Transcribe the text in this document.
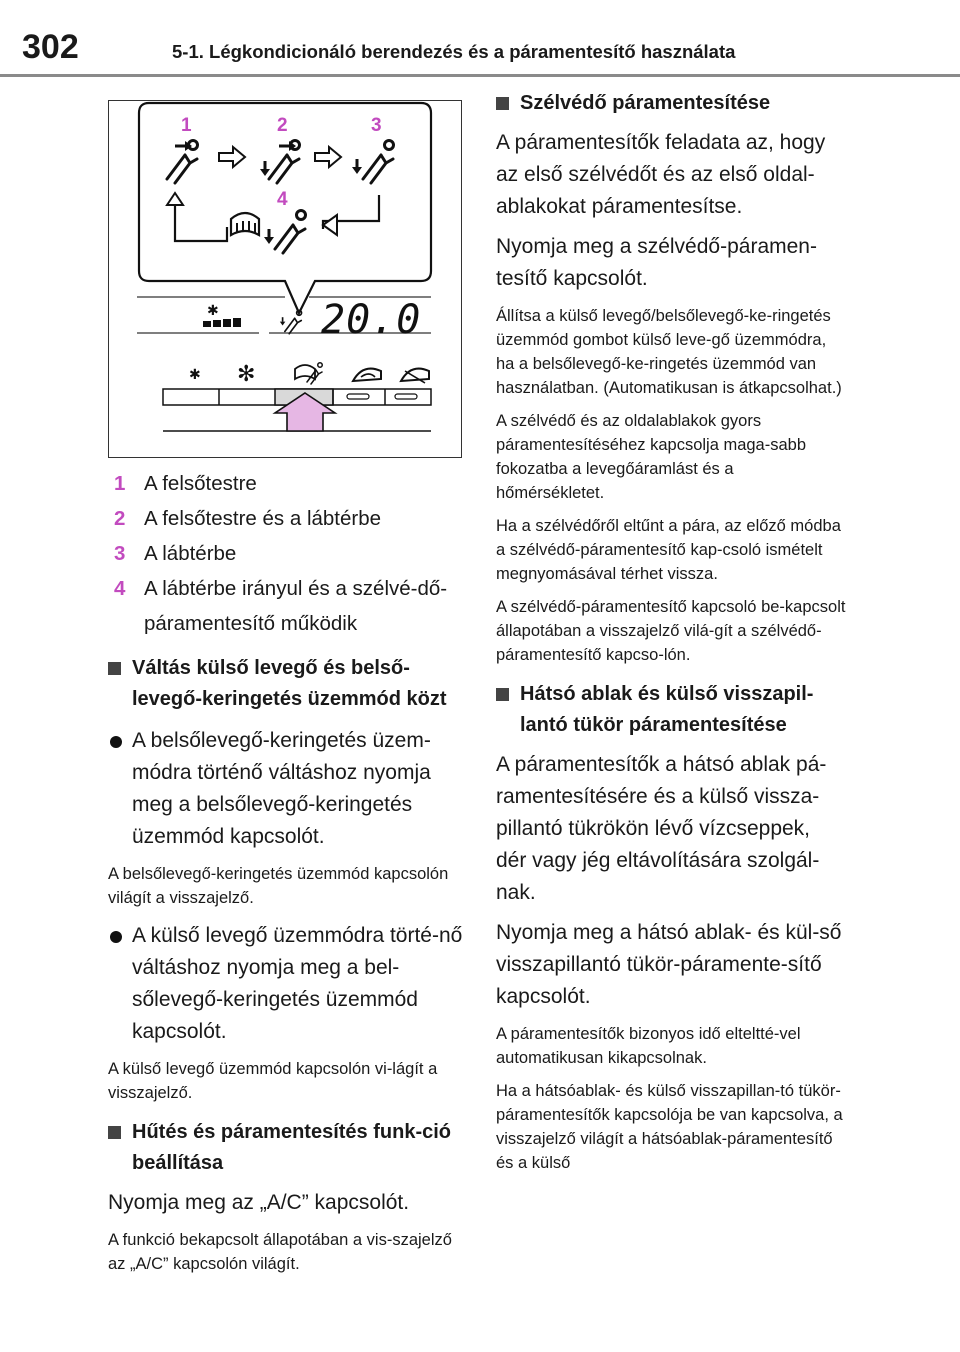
302	5-1. Légkondicionáló berendezés és a páramentesítő használata
1	2	3
4
✱	20.0
✱ ✻
1 A felsőtestre
2 A felsőtestre és a lábtérbe
3 A lábtérbe
4 A lábtérbe irányul és a szélvé-dő-páramentesítő működik
Váltás külső levegő és belső-levegő-keringetés üzemmód közt
A belsőlevegő-keringetés üzem-módra történő váltáshoz nyomja meg a belsőlevegő-keringetés üzemmód kapcsolót.
A belsőlevegő-keringetés üzemmód kapcsolón világít a visszajelző.
A külső levegő üzemmódra törté-nő váltáshoz nyomja meg a bel-sőlevegő-keringetés üzemmód kapcsolót.
A külső levegő üzemmód kapcsolón vi-lágít a visszajelző.
Hűtés és páramentesítés funk-ció beállítása
Nyomja meg az „A/C” kapcsolót.
A funkció bekapcsolt állapotában a vis-szajelző az „A/C” kapcsolón világít.
Szélvédő páramentesítése
A páramentesítők feladata az, hogy az első szélvédőt és az első oldal-ablakokat páramentesítse.
Nyomja meg a szélvédő-páramen-tesítő kapcsolót.
Állítsa a külső levegő/belsőlevegő-ke-ringetés üzemmód gombot külső leve-gő üzemmódra, ha a belsőlevegő-ke-ringetés üzemmód van használatban. (Automatikusan is átkapcsolhat.)
A szélvédő és az oldalablakok gyors páramentesítéséhez kapcsolja maga-sabb fokozatba a levegőáramlást és a hőmérsékletet.
Ha a szélvédőről eltűnt a pára, az előző módba a szélvédő-páramentesítő kap-csoló ismételt megnyomásával térhet vissza.
A szélvédő-páramentesítő kapcsoló be-kapcsolt állapotában a visszajelző vilá-gít a szélvédő-páramentesítő kapcso-lón.
Hátsó ablak és külső visszapil-lantó tükör páramentesítése
A páramentesítők a hátsó ablak pá-ramentesítésére és a külső vissza-pillantó tükrökön lévő vízcseppek, dér vagy jég eltávolítására szolgál-nak.
Nyomja meg a hátsó ablak- és kül-ső visszapillantó tükör-páramente-sítő kapcsolót.
A páramentesítők bizonyos idő elteltté-vel automatikusan kikapcsolnak.
Ha a hátsóablak- és külső visszapillan-tó tükör-páramentesítők kapcsolója be van kapcsolva, a visszajelző világít a hátsóablak-páramentesítő és a külső
